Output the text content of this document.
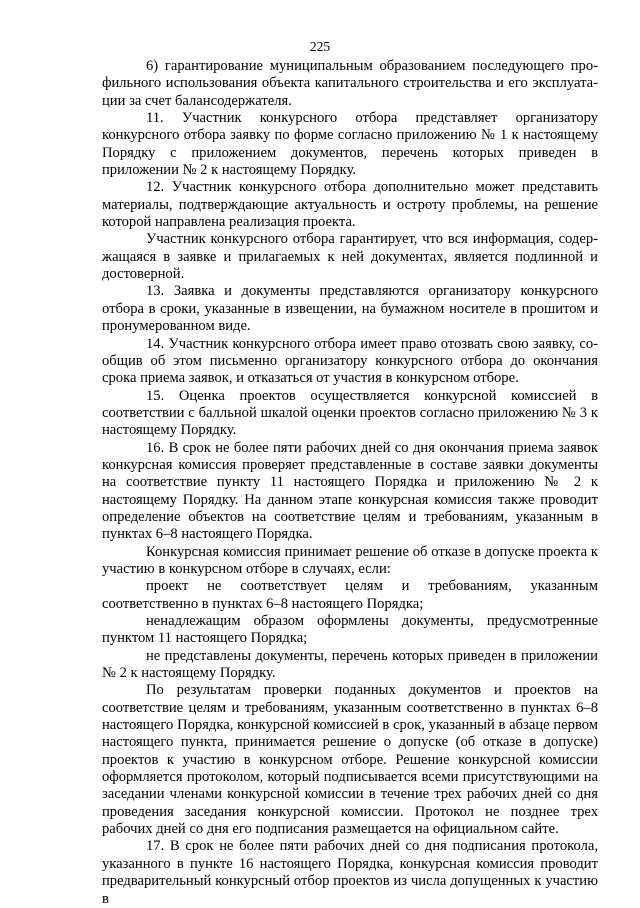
225

6) гарантирование муниципальным образованием последующего профильного использования объекта капитального строительства и его эксплуатации за счет балансодержателя.

11. Участник конкурсного отбора представляет организатору конкурсного отбора заявку по форме согласно приложению № 1 к настоящему Порядку с приложением документов, перечень которых приведен в приложении № 2 к настоящему Порядку.

12. Участник конкурсного отбора дополнительно может представить материалы, подтверждающие актуальность и остроту проблемы, на решение которой направлена реализация проекта.

Участник конкурсного отбора гарантирует, что вся информация, содержащаяся в заявке и прилагаемых к ней документах, является подлинной и достоверной.

13. Заявка и документы представляются организатору конкурсного отбора в сроки, указанные в извещении, на бумажном носителе в прошитом и пронумерованном виде.

14. Участник конкурсного отбора имеет право отозвать свою заявку, сообщив об этом письменно организатору конкурсного отбора до окончания срока приема заявок, и отказаться от участия в конкурсном отборе.

15. Оценка проектов осуществляется конкурсной комиссией в соответствии с балльной шкалой оценки проектов согласно приложению № 3 к настоящему Порядку.

16. В срок не более пяти рабочих дней со дня окончания приема заявок конкурсная комиссия проверяет представленные в составе заявки документы на соответствие пункту 11 настоящего Порядка и приложению № 2 к настоящему Порядку. На данном этапе конкурсная комиссия также проводит определение объектов на соответствие целям и требованиям, указанным в пунктах 6–8 настоящего Порядка.

Конкурсная комиссия принимает решение об отказе в допуске проекта к участию в конкурсном отборе в случаях, если:

проект не соответствует целям и требованиям, указанным соответственно в пунктах 6–8 настоящего Порядка;

ненадлежащим образом оформлены документы, предусмотренные пунктом 11 настоящего Порядка;

не представлены документы, перечень которых приведен в приложении № 2 к настоящему Порядку.

По результатам проверки поданных документов и проектов на соответствие целям и требованиям, указанным соответственно в пунктах 6–8 настоящего Порядка, конкурсной комиссией в срок, указанный в абзаце первом настоящего пункта, принимается решение о допуске (об отказе в допуске) проектов к участию в конкурсном отборе. Решение конкурсной комиссии оформляется протоколом, который подписывается всеми присутствующими на заседании членами конкурсной комиссии в течение трех рабочих дней со дня проведения заседания конкурсной комиссии. Протокол не позднее трех рабочих дней со дня его подписания размещается на официальном сайте.

17. В срок не более пяти рабочих дней со дня подписания протокола, указанного в пункте 16 настоящего Порядка, конкурсная комиссия проводит предварительный конкурсный отбор проектов из числа допущенных к участию в
